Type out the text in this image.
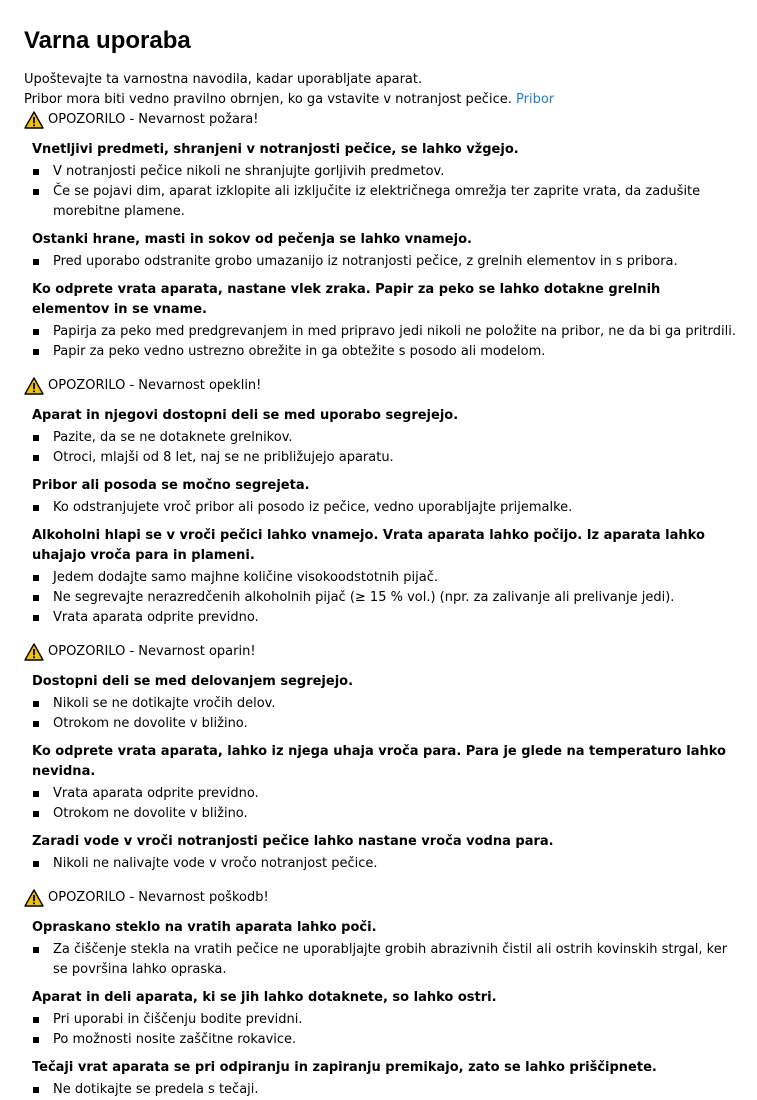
Varna uporaba

Upoštevajte ta varnostna navodila, kadar uporabljate aparat.

Pribor mora biti vedno pravilno obrnjen, ko ga vstavite v notranjost pečice. Pribor

OPOZORILO - Nevarnost požara!
Vnetljivi predmeti, shranjeni v notranjosti pečice, se lahko vžgejo.
V notranjosti pečice nikoli ne shranjujte gorljivih predmetov.
Če se pojavi dim, aparat izklopite ali izključite iz električnega omrežja ter zaprite vrata, da zadušite morebitne plamene.
Ostanki hrane, masti in sokov od pečenja se lahko vnamejo.
Pred uporabo odstranite grobo umazanijo iz notranjosti pečice, z grelnih elementov in s pribora.
Ko odprete vrata aparata, nastane vlek zraka. Papir za peko se lahko dotakne grelnih elementov in se vname.
Papirja za peko med predgrevanjem in med pripravo jedi nikoli ne položite na pribor, ne da bi ga pritrdili.
Papir za peko vedno ustrezno obrežite in ga obtežite s posodo ali modelom.
OPOZORILO - Nevarnost opeklin!
Aparat in njegovi dostopni deli se med uporabo segrejejo.
Pazite, da se ne dotaknete grelnikov.
Otroci, mlajši od 8 let, naj se ne približujejo aparatu.
Pribor ali posoda se močno segrejeta.
Ko odstranjujete vroč pribor ali posodo iz pečice, vedno uporabljajte prijemalke.
Alkoholni hlapi se v vroči pečici lahko vnamejo. Vrata aparata lahko počijo. Iz aparata lahko uhajajo vroča para in plameni.
Jedem dodajte samo majhne količine visokoodstotnih pijač.
Ne segrevajte nerazredčenih alkoholnih pijač (≥ 15 % vol.) (npr. za zalivanje ali prelivanje jedi).
Vrata aparata odprite previdno.
OPOZORILO - Nevarnost oparin!
Dostopni deli se med delovanjem segrejejo.
Nikoli se ne dotikajte vročih delov.
Otrokom ne dovolite v bližino.
Ko odprete vrata aparata, lahko iz njega uhaja vroča para. Para je glede na temperaturo lahko nevidna.
Vrata aparata odprite previdno.
Otrokom ne dovolite v bližino.
Zaradi vode v vroči notranjosti pečice lahko nastane vroča vodna para.
Nikoli ne nalivajte vode v vročo notranjost pečice.
OPOZORILO - Nevarnost poškodb!
Opraskano steklo na vratih aparata lahko poči.
Za čiščenje stekla na vratih pečice ne uporabljajte grobih abrazivnih čistil ali ostrih kovinskih strgal, ker se površina lahko opraska.
Aparat in deli aparata, ki se jih lahko dotaknete, so lahko ostri.
Pri uporabi in čiščenju bodite previdni.
Po možnosti nosite zaščitne rokavice.
Tečaji vrat aparata se pri odpiranju in zapiranju premikajo, zato se lahko priščipnete.
Ne dotikajte se predela s tečaji.
